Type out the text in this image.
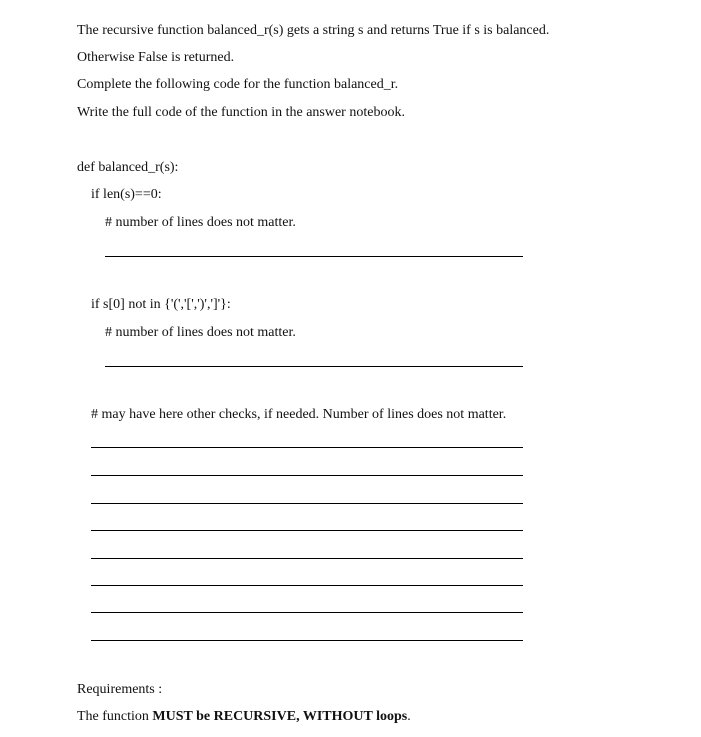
The recursive function balanced_r(s) gets a string s and returns True if s is balanced.
Otherwise False is returned.
Complete the following code for the function balanced_r.
Write the full code of the function in the answer notebook.
def balanced_r(s):
if len(s)==0:
# number of lines does not matter.
if s[0] not in {'(','[',')',']'}:
# number of lines does not matter.
# may have here other checks, if needed. Number of lines does not matter.
Requirements :
The function MUST be RECURSIVE, WITHOUT loops.
